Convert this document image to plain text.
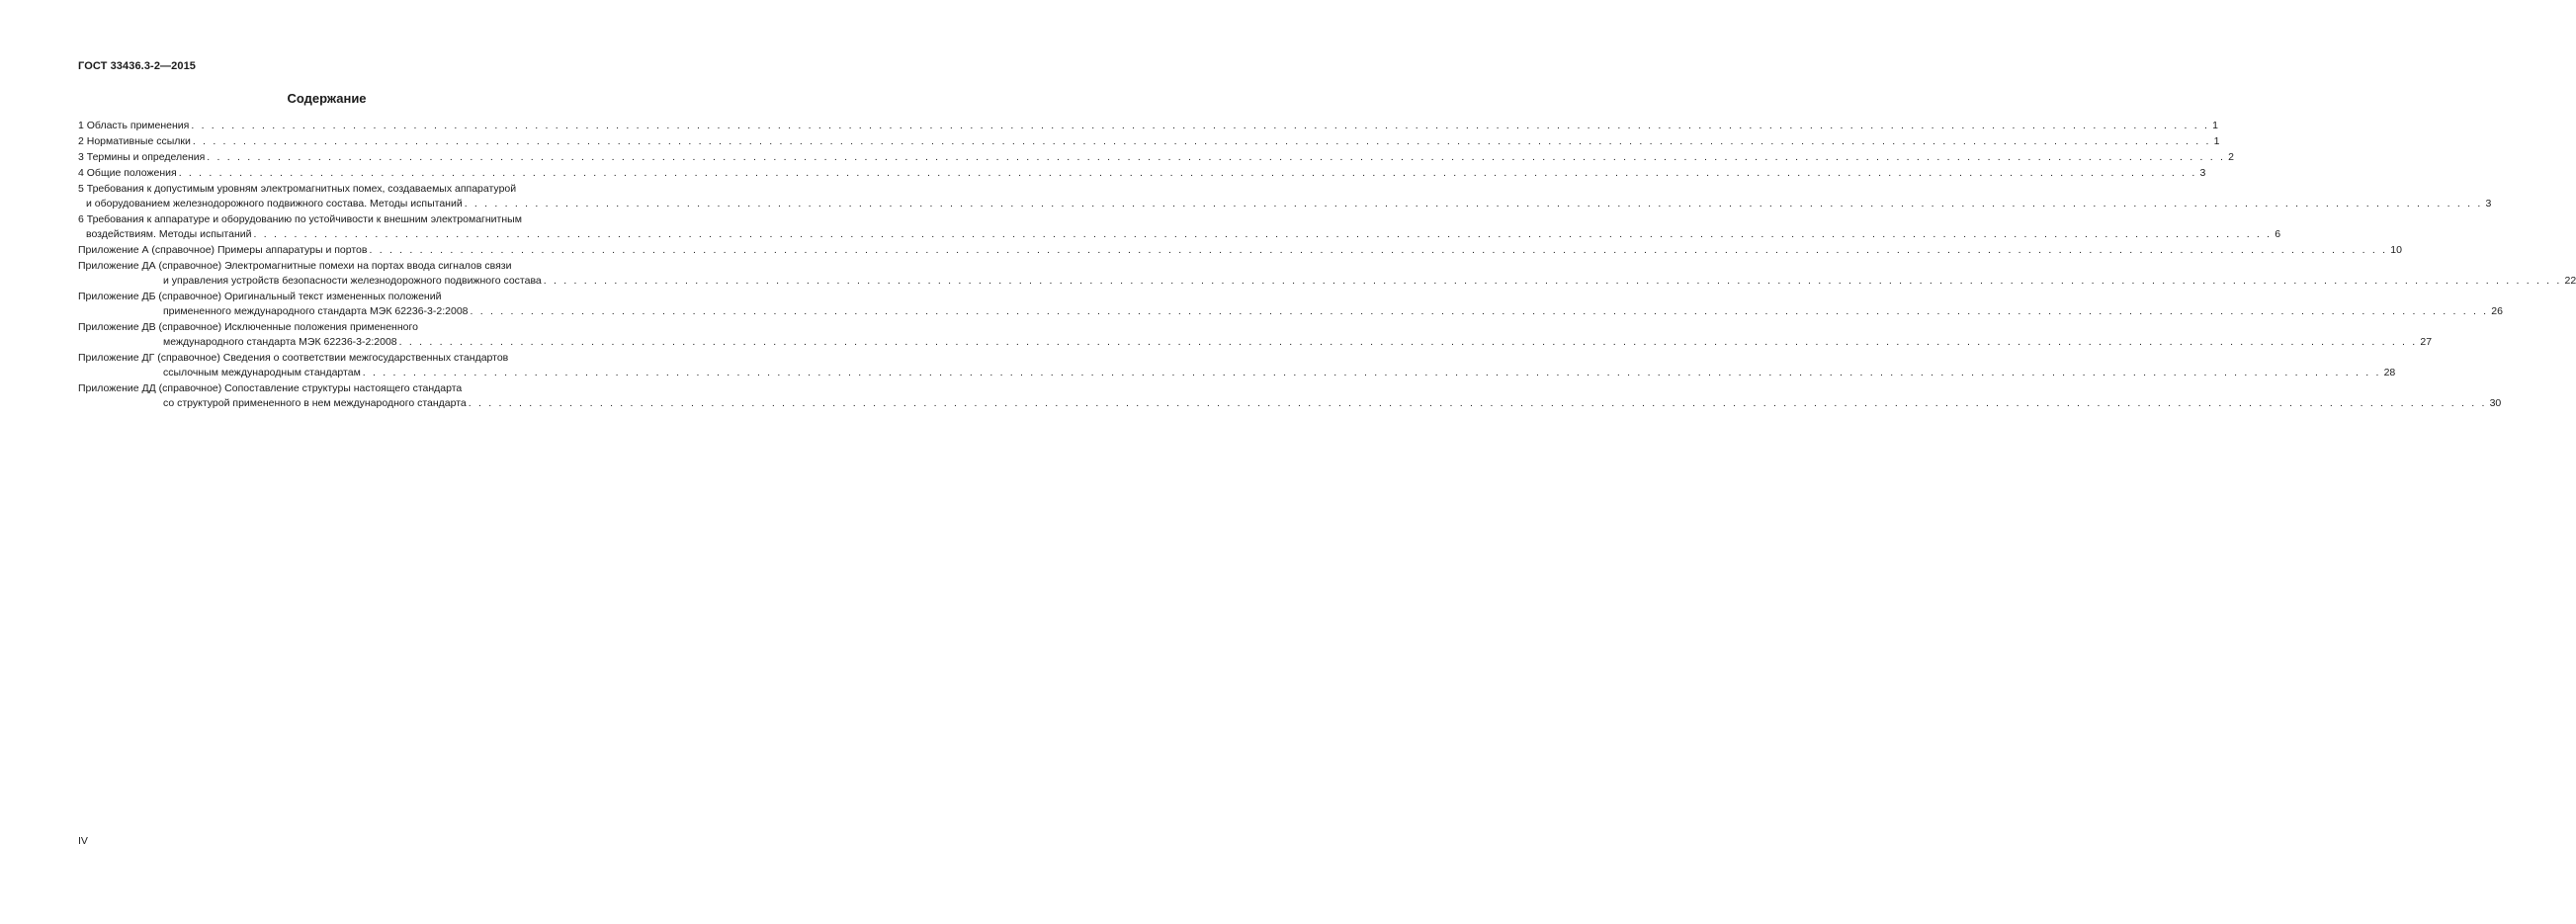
ГОСТ 33436.3-2—2015
Содержание
1 Область применения . . . . . . . . . . . . . . . . . . . . . . . . . . . . . . . . . . . . . . . . . . . . . . . . . . . . . . . . . . . . . . . . . . . . . . . . . . . . . . . . . . . . . . . . . . . . . . . . . . . . . . . . . . . . . . . . . . . . . . . . . . . . . . . . . . . . . . . . . . . . . . . . . . . . . . . . . . . . . . . . . . . . . . . . . . . . . . . . . . . . . . . . . . . . . . . . . . . . . . . . 1
2 Нормативные ссылки . . . . . . . . . . . . . . . . . . . . . . . . . . . . . . . . . . . . . . . . . . . . . . . . . . . . . . . . . . . . . . . . . . . . . . . . . . . . . . . . . . . . . . . . . . . . . . . . . . . . . . . . . . . . . . . . . . . . . . . . . . . . . . . . . . . . . . . . . . . . . . . . . . . . . . . . . . . . . . . . . . . . . . . . . . . . . . . . . . . . . . . . . . . . . . . . . . . . . . . . 1
3 Термины и определения . . . . . . . . . . . . . . . . . . . . . . . . . . . . . . . . . . . . . . . . . . . . . . . . . . . . . . . . . . . . . . . . . . . . . . . . . . . . . . . . . . . . . . . . . . . . . . . . . . . . . . . . . . . . . . . . . . . . . . . . . . . . . . . . . . . . . . . . . . . . . . . . . . . . . . . . . . . . . . . . . . . . . . . . . . . . . . . . . . . . . . . . . . . . . . . . . . . . . . . . 2
4 Общие положения . . . . . . . . . . . . . . . . . . . . . . . . . . . . . . . . . . . . . . . . . . . . . . . . . . . . . . . . . . . . . . . . . . . . . . . . . . . . . . . . . . . . . . . . . . . . . . . . . . . . . . . . . . . . . . . . . . . . . . . . . . . . . . . . . . . . . . . . . . . . . . . . . . . . . . . . . . . . . . . . . . . . . . . . . . . . . . . . . . . . . . . . . . . . . . . . . . . . . . . . 3
5 Требования к допустимым уровням электромагнитных помех, создаваемых аппаратурой
и оборудованием железнодорожного подвижного состава. Методы испытаний . . . . . . . . . . . . . . . . . . . . . . . . . . . . . . . . . . . . . . . . . . . . . . . . . . . . . . . . . . . . . . . . . . . . . . . . . . . . . . . . . . . . . . . . . . . . . . . . . . . . . . . . . . . . . . . . . . . . . . . . . . . . . . . . . . . . . . . . . . . . . . . . . . . . . . . . . . . . . . . . . . . . . . . . . . . . . . . . . . . . . . . . . . . . . . . . . . . . . . . . 3
6 Требования к аппаратуре и оборудованию по устойчивости к внешним электромагнитным
воздействиям. Методы испытаний . . . . . . . . . . . . . . . . . . . . . . . . . . . . . . . . . . . . . . . . . . . . . . . . . . . . . . . . . . . . . . . . . . . . . . . . . . . . . . . . . . . . . . . . . . . . . . . . . . . . . . . . . . . . . . . . . . . . . . . . . . . . . . . . . . . . . . . . . . . . . . . . . . . . . . . . . . . . . . . . . . . . . . . . . . . . . . . . . . . . . . . . . . . . . . . . . . . . . . . . 6
Приложение А (справочное) Примеры аппаратуры и портов . . . . . . . . . . . . . . . . . . . . . . . . . . . . . . . . . . . . . . . . . . . . . . . . . . . . . . . . . . . . . . . . . . . . . . . . . . . . . . . . . . . . . . . . . . . . . . . . . . . . . . . . . . . . . . . . . . . . . . . . . . . . . . . . . . . . . . . . . . . . . . . . . . . . . . . . . . . . . . . . . . . . . . . . . . . . . . . . . . . . . . . . . . . . . . . . . . . . . . . . 10
Приложение ДА (справочное) Электромагнитные помехи на портах ввода сигналов связи
и управления устройств безопасности железнодорожного подвижного состава . . . . . . . . . . . . . . . . . . . . . . . . . . . . . . . . . . . . . . . . . . . . . . . . . . . . . . . . . . . . . . . . . . . . . . . . . . . . . . . . . . . . . . . . . . . . . . . . . . . . . . . . . . . . . . . . . . . . . . . . . . . . . . . . . . . . . . . . . . . . . . . . . . . . . . . . . . . . . . . . . . . . . . . . . . . . . . . . . . . . . . . . . . . . . . . . . . . . . . . . 22
Приложение ДБ (справочное) Оригинальный текст измененных положений
примененного международного стандарта МЭК 62236-3-2:2008 . . . . . . . . . . . . . . . . . . . . . . . . . . . . . . . . . . . . . . . . . . . . . . . . . . . . . . . . . . . . . . . . . . . . . . . . . . . . . . . . . . . . . . . . . . . . . . . . . . . . . . . . . . . . . . . . . . . . . . . . . . . . . . . . . . . . . . . . . . . . . . . . . . . . . . . . . . . . . . . . . . . . . . . . . . . . . . . . . . . . . . . . . . . . . . . . . . . . . . . . 26
Приложение ДВ (справочное) Исключенные положения примененного
международного стандарта МЭК 62236-3-2:2008 . . . . . . . . . . . . . . . . . . . . . . . . . . . . . . . . . . . . . . . . . . . . . . . . . . . . . . . . . . . . . . . . . . . . . . . . . . . . . . . . . . . . . . . . . . . . . . . . . . . . . . . . . . . . . . . . . . . . . . . . . . . . . . . . . . . . . . . . . . . . . . . . . . . . . . . . . . . . . . . . . . . . . . . . . . . . . . . . . . . . . . . . . . . . . . . . . . . . . . . . 27
Приложение ДГ (справочное) Сведения о соответствии межгосударственных стандартов
ссылочным международным стандартам . . . . . . . . . . . . . . . . . . . . . . . . . . . . . . . . . . . . . . . . . . . . . . . . . . . . . . . . . . . . . . . . . . . . . . . . . . . . . . . . . . . . . . . . . . . . . . . . . . . . . . . . . . . . . . . . . . . . . . . . . . . . . . . . . . . . . . . . . . . . . . . . . . . . . . . . . . . . . . . . . . . . . . . . . . . . . . . . . . . . . . . . . . . . . . . . . . . . . . . . 28
Приложение ДД (справочное) Сопоставление структуры настоящего стандарта
со структурой примененного в нем международного стандарта . . . . . . . . . . . . . . . . . . . . . . . . . . . . . . . . . . . . . . . . . . . . . . . . . . . . . . . . . . . . . . . . . . . . . . . . . . . . . . . . . . . . . . . . . . . . . . . . . . . . . . . . . . . . . . . . . . . . . . . . . . . . . . . . . . . . . . . . . . . . . . . . . . . . . . . . . . . . . . . . . . . . . . . . . . . . . . . . . . . . . . . . . . . . . . . . . . . . . . . . 30
IV
